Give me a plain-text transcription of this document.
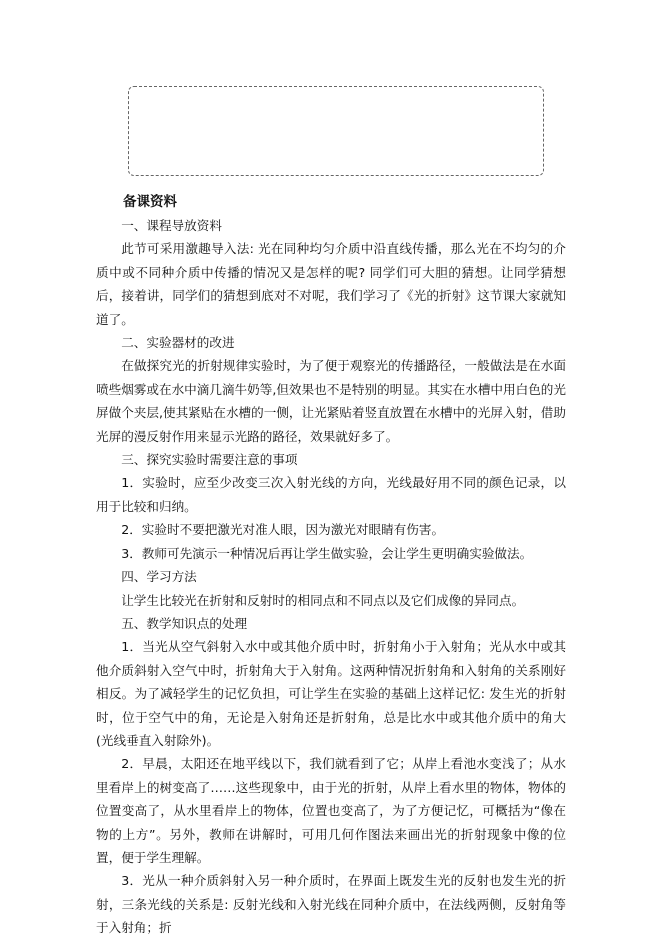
备课资料
一、课程导放资料

此节可采用激趣导入法: 光在同种均匀介质中沿直线传播，那么光在不均匀的介质中或不同种介质中传播的情况又是怎样的呢? 同学们可大胆的猜想。让同学猜想后，接着讲，同学们的猜想到底对不对呢，我们学习了《光的折射》这节课大家就知道了。

二、实验器材的改进

在做探究光的折射规律实验时，为了便于观察光的传播路径，一般做法是在水面喷些烟雾或在水中滴几滴牛奶等,但效果也不是特别的明显。其实在水槽中用白色的光屏做个夹层,使其紧贴在水槽的一侧，让光紧贴着竖直放置在水槽中的光屏入射，借助光屏的漫反射作用来显示光路的路径，效果就好多了。

三、探究实验时需要注意的事项

1．实验时，应至少改变三次入射光线的方向，光线最好用不同的颜色记录，以用于比较和归纳。

2．实验时不要把激光对准人眼，因为激光对眼睛有伤害。

3．教师可先演示一种情况后再让学生做实验，会让学生更明确实验做法。

四、学习方法

让学生比较光在折射和反射时的相同点和不同点以及它们成像的异同点。

五、教学知识点的处理

1．当光从空气斜射入水中或其他介质中时，折射角小于入射角；光从水中或其他介质斜射入空气中时，折射角大于入射角。这两种情况折射角和入射角的关系刚好相反。为了减轻学生的记忆负担，可让学生在实验的基础上这样记忆: 发生光的折射时，位于空气中的角，无论是入射角还是折射角，总是比水中或其他介质中的角大(光线垂直入射除外)。

2．早晨，太阳还在地平线以下，我们就看到了它；从岸上看池水变浅了；从水里看岸上的树变高了……这些现象中，由于光的折射，从岸上看水里的物体，物体的位置变高了，从水里看岸上的物体，位置也变高了，为了方便记忆，可概括为“像在物的上方”。另外，教师在讲解时，可用几何作图法来画出光的折射现象中像的位置，便于学生理解。

3．光从一种介质斜射入另一种介质时，在界面上既发生光的反射也发生光的折射，三条光线的关系是: 反射光线和入射光线在同种介质中，在法线两侧，反射角等于入射角；折
